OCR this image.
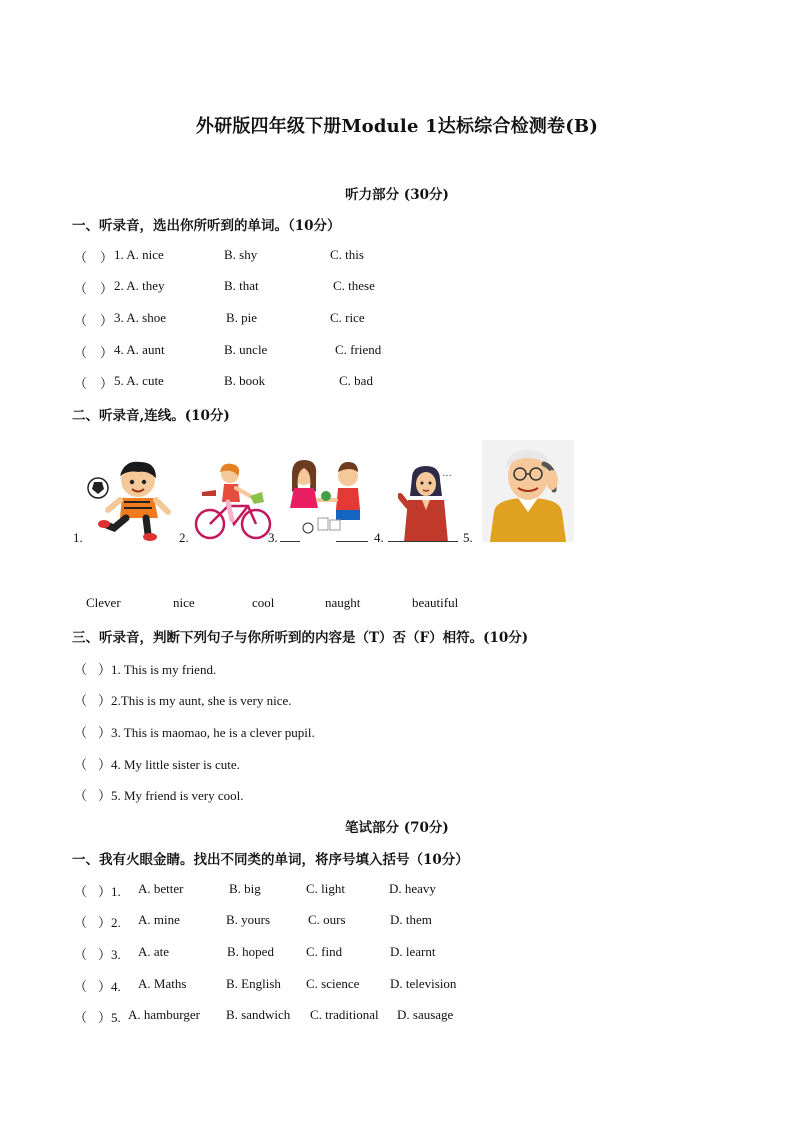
外研版四年级下册Module 1达标综合检测卷(B)
听力部分 (30分)
一、听录音，选出你所听到的单词。（10分）
（    ） 1. A. nice	B. shy	C. this
（    ） 2. A. they	B. that	C. these
（    ） 3. A. shoe	B. pie	C. rice
（    ） 4. A. aunt	B. uncle	C. friend
（    ） 5. A. cute	B. book	C. bad
二、听录音,连线。(10分)
1.	2.	3.
…
4.	5.
Clever	nice	cool	naught	beautiful
三、听录音，判断下列句子与你所听到的内容是（T）否（F）相符。(10分)
（
）1. This is my friend.
（
）2.This is my aunt, she is very nice.
（
）3. This is maomao, he is a clever pupil.
（
）4. My little sister is cute.
（
）5. My friend is very cool.
笔试部分 (70分)
一、我有火眼金睛。找出不同类的单词，将序号填入括号（10分）
（
）1. A. better	B. big	C. light	D. heavy
（
）2. A. mine	B. yours	C. ours	D. them
（
）3. A. ate	B. hoped C. find	D. learnt
（
）4. A. Maths	B. English C. science D. television
（
）5. A. hamburger B. sandwich C. traditional D. sausage
